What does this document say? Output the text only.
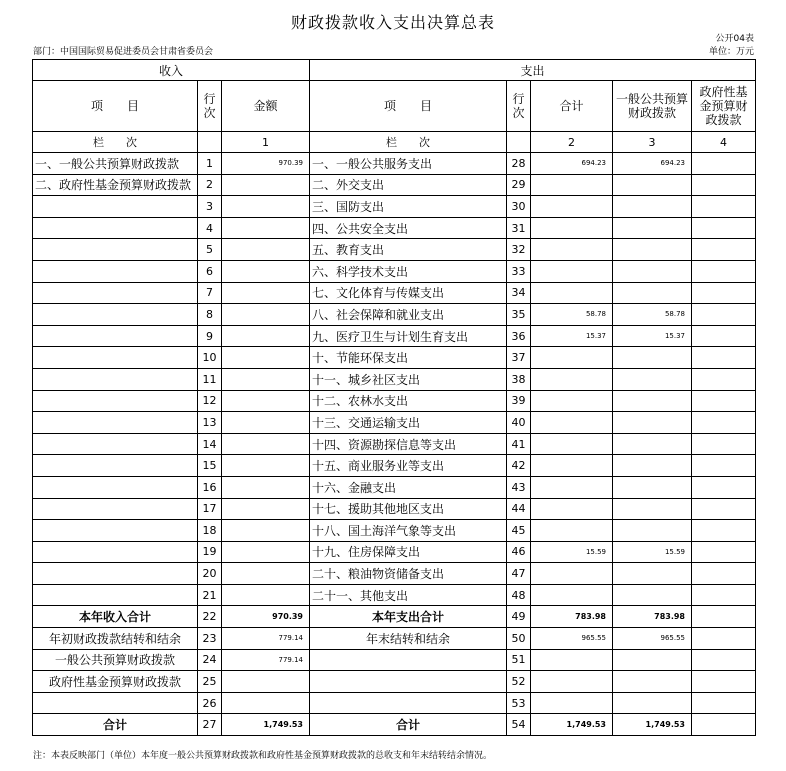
财政拨款收入支出决算总表
公开04表
部门：中国国际贸易促进委员会甘肃省委员会	单位：万元
收入			支出				
项　　目	行次	金额	项　　目	行次	合计	一般公共预算财政拨款	政府性基金预算财政拨款
栏　　次		1	栏　　次		2	3	4
一、一般公共预算财政拨款	1	970.39	一、一般公共服务支出	28	694.23	694.23	
二、政府性基金预算财政拨款	2		二、外交支出	29			
	3		三、国防支出	30			
	4		四、公共安全支出	31			
	5		五、教育支出	32			
	6		六、科学技术支出	33			
	7		七、文化体育与传媒支出	34			
	8		八、社会保障和就业支出	35	58.78	58.78	
	9		九、医疗卫生与计划生育支出	36	15.37	15.37	
	10		十、节能环保支出	37			
	11		十一、城乡社区支出	38			
	12		十二、农林水支出	39			
	13		十三、交通运输支出	40			
	14		十四、资源勘探信息等支出	41			
	15		十五、商业服务业等支出	42			
	16		十六、金融支出	43			
	17		十七、援助其他地区支出	44			
	18		十八、国土海洋气象等支出	45			
	19		十九、住房保障支出	46	15.59	15.59	
	20		二十、粮油物资储备支出	47			
	21		二十一、其他支出	48			
本年收入合计	22	970.39	本年支出合计	49	783.98	783.98	
年初财政拨款结转和结余	23	779.14	年末结转和结余	50	965.55	965.55	
一般公共预算财政拨款	24	779.14		51			
政府性基金预算财政拨款	25			52			
	26			53			
合计	27	1,749.53	合计	54	1,749.53	1,749.53	
注：本表反映部门（单位）本年度一般公共预算财政拨款和政府性基金预算财政拨款的总收支和年末结转结余情况。
